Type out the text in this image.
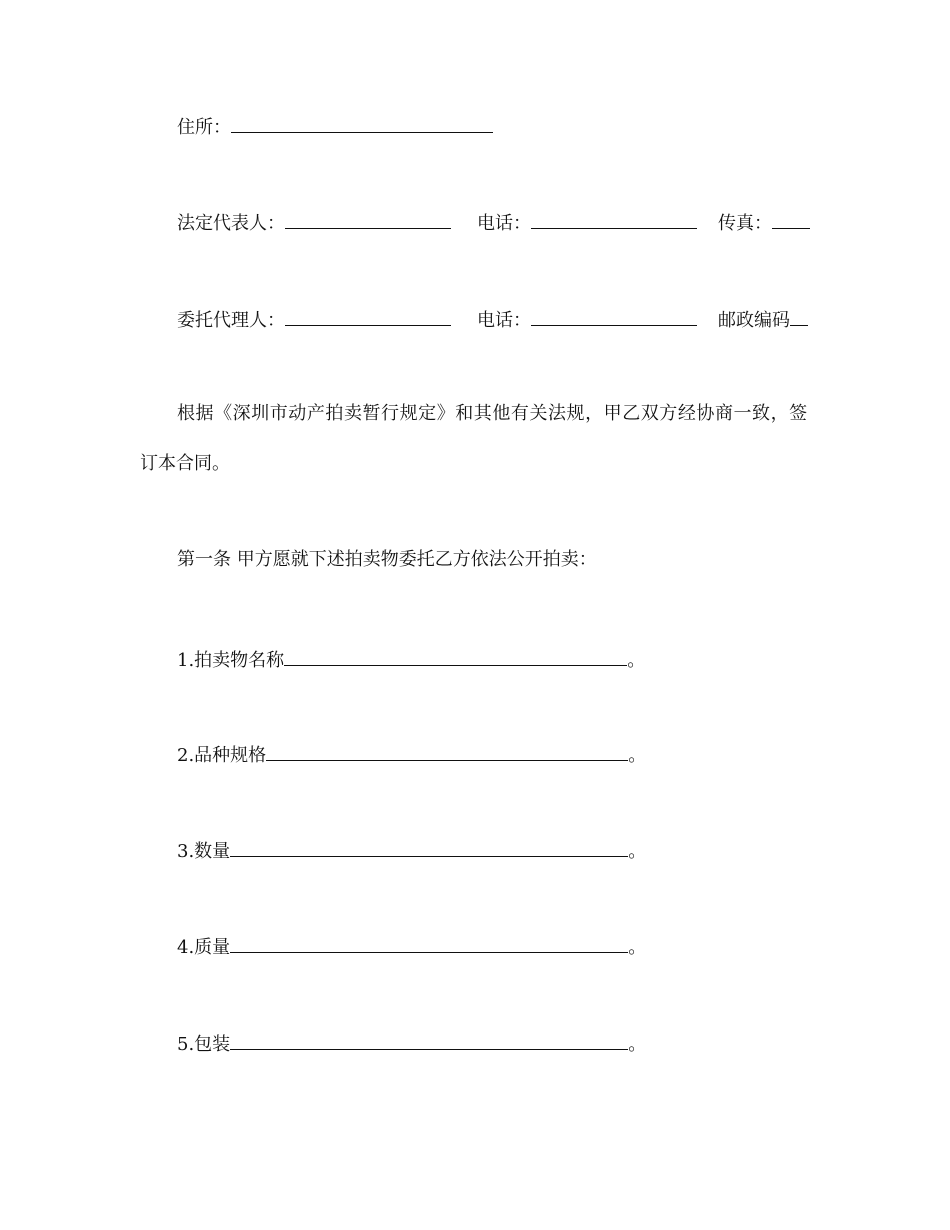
住所：
法定代表人：	电话：	传真：
委托代理人：	电话：	邮政编码
根据《深圳市动产拍卖暂行规定》和其他有关法规，甲乙双方经协商一致，签
订本合同。
第一条 甲方愿就下述拍卖物委托乙方依法公开拍卖：
1.拍卖物名称	。
2.品种规格	。
3.数量	。
4.质量	。
5.包装	。
